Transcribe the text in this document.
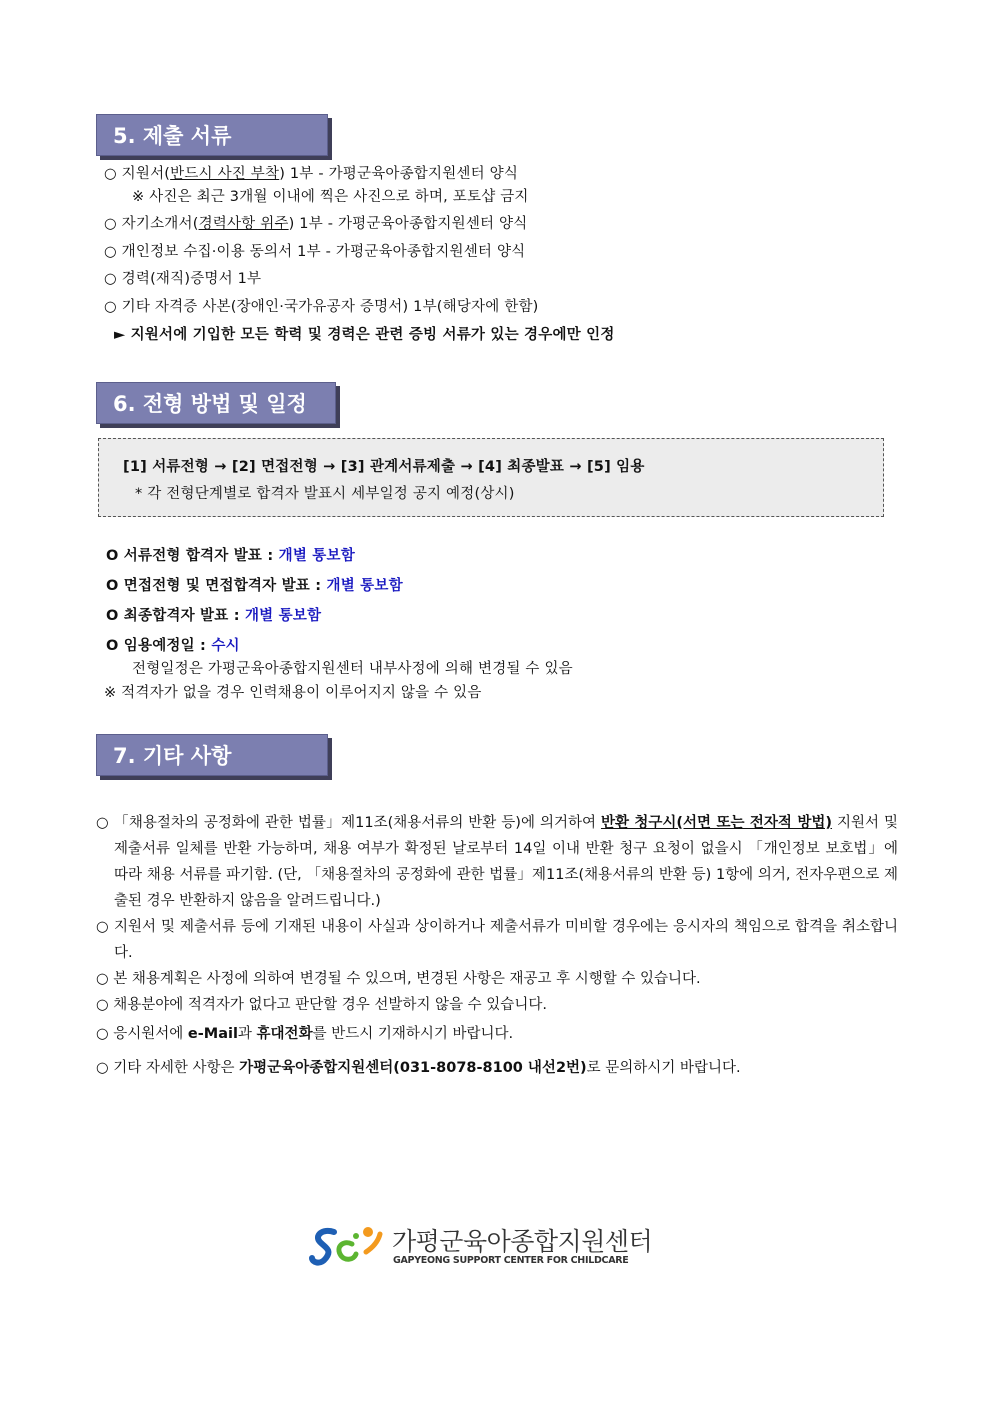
5. 제출 서류
○ 지원서(반드시 사진 부착) 1부 - 가평군육아종합지원센터 양식
※ 사진은 최근 3개월 이내에 찍은 사진으로 하며, 포토샵 금지
○ 자기소개서(경력사항 위주) 1부 - 가평군육아종합지원센터 양식
○ 개인정보 수집·이용 동의서 1부 - 가평군육아종합지원센터 양식
○ 경력(재직)증명서 1부
○ 기타 자격증 사본(장애인·국가유공자 증명서) 1부(해당자에 한함)
► 지원서에 기입한 모든 학력 및 경력은 관련 증빙 서류가 있는 경우에만 인정
6. 전형 방법 및 일정
[1] 서류전형 → [2] 면접전형 → [3] 관계서류제출 → [4] 최종발표 → [5] 임용
* 각 전형단계별로 합격자 발표시 세부일정 공지 예정(상시)
O 서류전형 합격자 발표 : 개별 통보함
O 면접전형 및 면접합격자 발표 : 개별 통보함
O 최종합격자 발표 : 개별 통보함
O 임용예정일 : 수시
전형일정은 가평군육아종합지원센터 내부사정에 의해 변경될 수 있음
※ 적격자가 없을 경우 인력채용이 이루어지지 않을 수 있음
7. 기타 사항
○ 「채용절차의 공정화에 관한 법률」제11조(채용서류의 반환 등)에 의거하여 반환 청구시(서면 또는 전자적 방법) 지원서 및 제출서류 일체를 반환 가능하며, 채용 여부가 확정된 날로부터 14일 이내 반환 청구 요청이 없을시 「개인정보 보호법」에 따라 채용 서류를 파기함. (단, 「채용절차의 공정화에 관한 법률」제11조(채용서류의 반환 등) 1항에 의거, 전자우편으로 제출된 경우 반환하지 않음을 알려드립니다.)
○ 지원서 및 제출서류 등에 기재된 내용이 사실과 상이하거나 제출서류가 미비할 경우에는 응시자의 책임으로 합격을 취소합니다.
○ 본 채용계획은 사정에 의하여 변경될 수 있으며, 변경된 사항은 재공고 후 시행할 수 있습니다.
○ 채용분야에 적격자가 없다고 판단할 경우 선발하지 않을 수 있습니다.
○ 응시원서에 e-Mail과 휴대전화를 반드시 기재하시기 바랍니다.
○ 기타 자세한 사항은 가평군육아종합지원센터(031-8078-8100 내선2번)로 문의하시기 바랍니다.
가평군육아종합지원센터
GAPYEONG SUPPORT CENTER FOR CHILDCARE
